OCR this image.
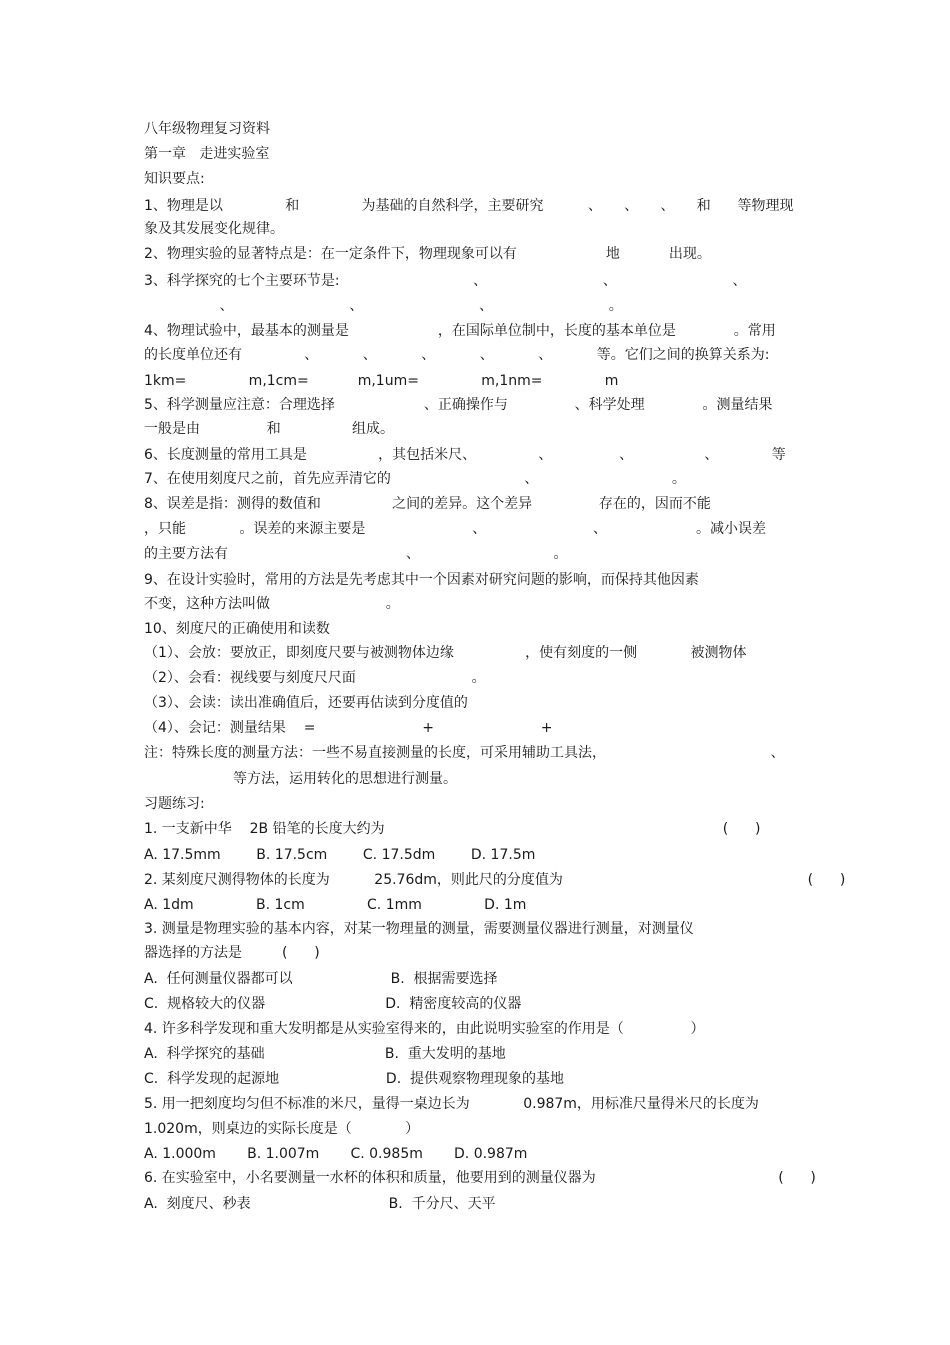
八年级物理复习资料
第一章   走进实验室
知识要点:
1、物理是以              和              为基础的自然科学，主要研究          、     、     、     和      等物理现
象及其发展变化规律。
2、物理实验的显著特点是：在一定条件下，物理现象可以有                    地           出现。
3、科学探究的七个主要环节是:                              、                          、                          、
、                          、                          、                          。
4、物理试验中，最基本的测量是                    ，在国际单位制中，长度的基本单位是             。常用
的长度单位还有              、          、          、          、          、          等。它们之间的换算关系为:
1km=              m,1cm=           m,1um=              m,1nm=              m
5、科学测量应注意：合理选择                    、正确操作与               、科学处理             。测量结果
一般是由               和                组成。
6、长度测量的常用工具是                ，其包括米尺、              、               、                、            等
7、在使用刻度尺之前，首先应弄清它的                              、                              。
8、误差是指：测得的数值和                之间的差异。这个差异               存在的，因而不能
，只能            。误差的来源主要是                        、                        、                    。减小误差
的主要方法有                                        、                              。
9、在设计实验时，常用的方法是先考虑其中一个因素对研究问题的影响，而保持其他因素
不变，这种方法叫做                          。
10、刻度尺的正确使用和读数
（1）、会放：要放正，即刻度尺要与被测物体边缘                ，使有刻度的一侧            被测物体
（2）、会看：视线要与刻度尺尺面                          。
（3）、会读：读出准确值后，还要再估读到分度值的
（4）、会记：测量结果    =                        +                        +
注：特殊长度的测量方法：一些不易直接测量的长度，可采用辅助工具法，                                     、
等方法，运用转化的思想进行测量。
习题练习:
1. 一支新中华    2B 铅笔的长度大约为                                                                            (      )
A. 17.5mm        B. 17.5cm        C. 17.5dm        D. 17.5m
2. 某刻度尺测得物体的长度为          25.76dm，则此尺的分度值为                                                       (      )
A. 1dm              B. 1cm              C. 1mm              D. 1m
3. 测量是物理实验的基本内容，对某一物理量的测量，需要测量仪器进行测量，对测量仪
器选择的方法是         (      )
A.  任何测量仪器都可以                      B.  根据需要选择
C.  规格较大的仪器                           D.  精密度较高的仪器
4. 许多科学发现和重大发明都是从实验室得来的，由此说明实验室的作用是（               ）
A.  科学探究的基础                           B.  重大发明的基地
C.  科学发现的起源地                        D.  提供观察物理现象的基地
5. 用一把刻度均匀但不标准的米尺，量得一桌边长为            0.987m，用标准尺量得米尺的长度为
1.020m，则桌边的实际长度是（            ）
A. 1.000m       B. 1.007m       C. 0.985m       D. 0.987m
6. 在实验室中，小名要测量一水杯的体积和质量，他要用到的测量仪器为                                         (      )
A.  刻度尺、秒表                               B.  千分尺、天平
